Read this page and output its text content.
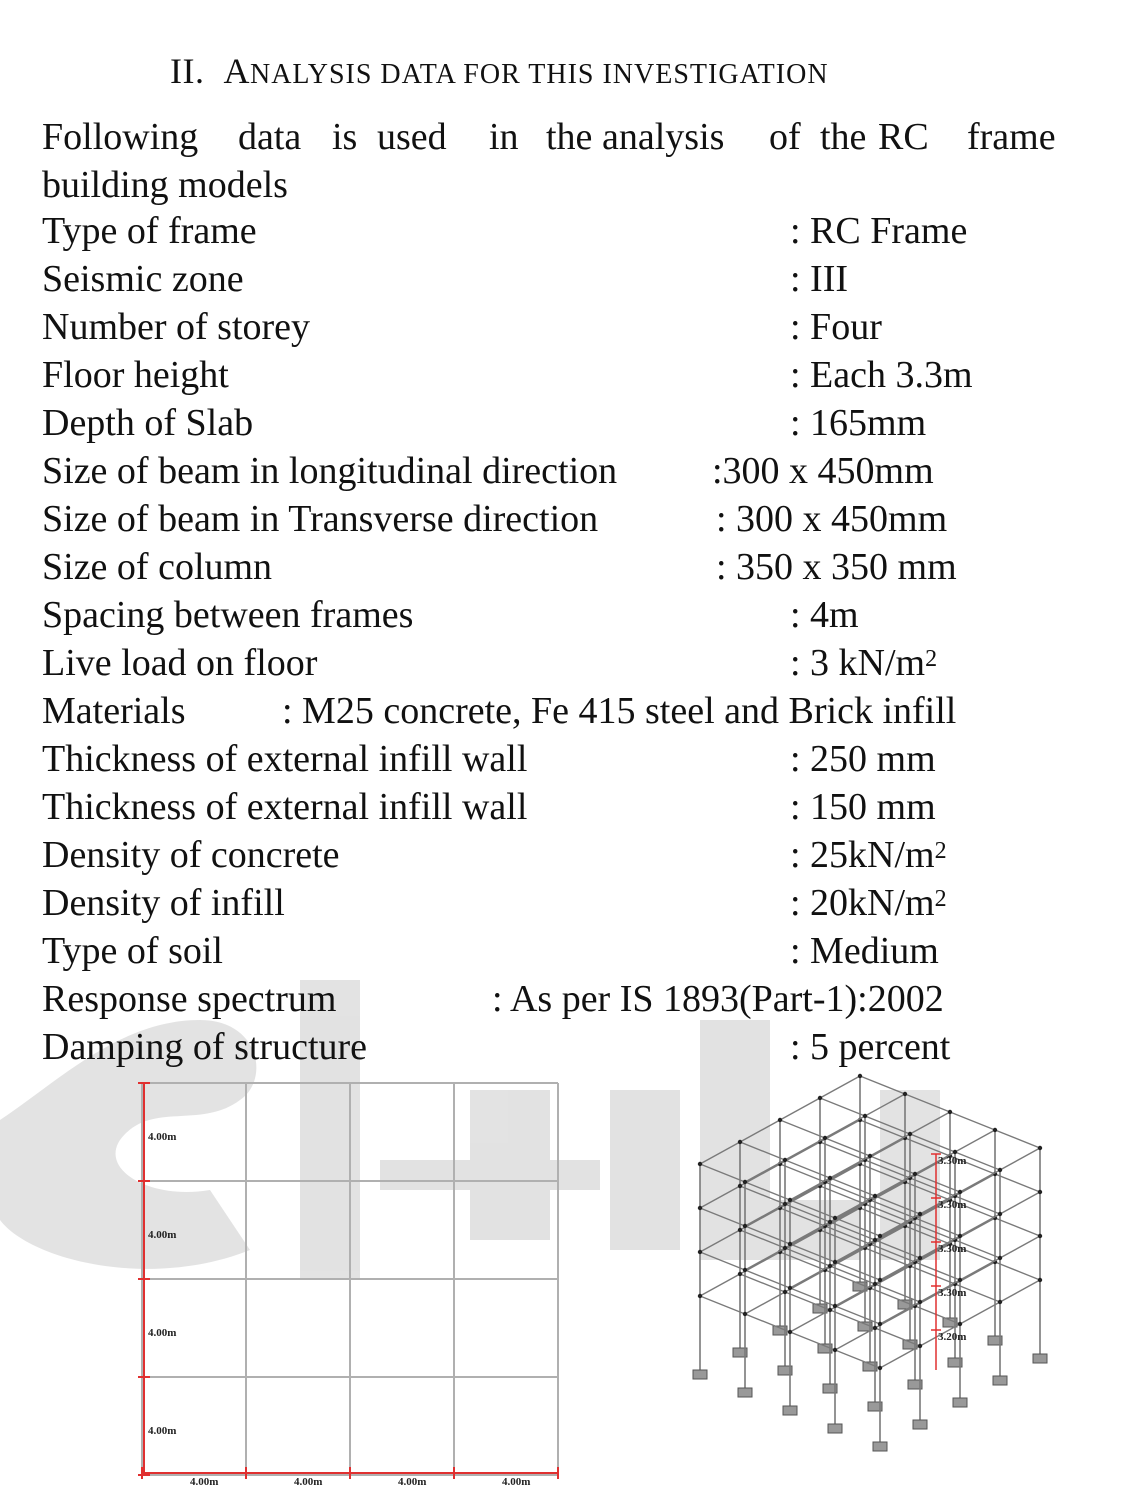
II. ANALYSIS DATA FOR THIS INVESTIGATION
Following data is used in the analysis of the RC frame
building models
Type of frame	: RC Frame
Seismic zone	: III
Number of storey	: Four
Floor height	: Each 3.3m
Depth of Slab	: 165mm
Size of beam in longitudinal direction :300 x 450mm
Size of beam in Transverse direction	: 300 x 450mm
Size of column	: 350 x 350 mm
Spacing between frames	: 4m
Live load on floor	: 3 $kN/m^2$
Materials	: M25 concrete, Fe 415 steel and Brick infill
Thickness of external infill wall	: 250 mm
Thickness of external infill wall	: 150 mm
Density of concrete	: $25kN/m^2$
Density of infill	: $20kN/m^2$
Type of soil	: Medium
Response spectrum	: As per IS 1893(Part-1):2002
Damping of structure	: 5 percent
4.00m
4.00m
4.00m
4.00m
4.00m	4.00m	4.00m	4.00m
3.30m
3.30m
3.30m
3.30m
3.20m
